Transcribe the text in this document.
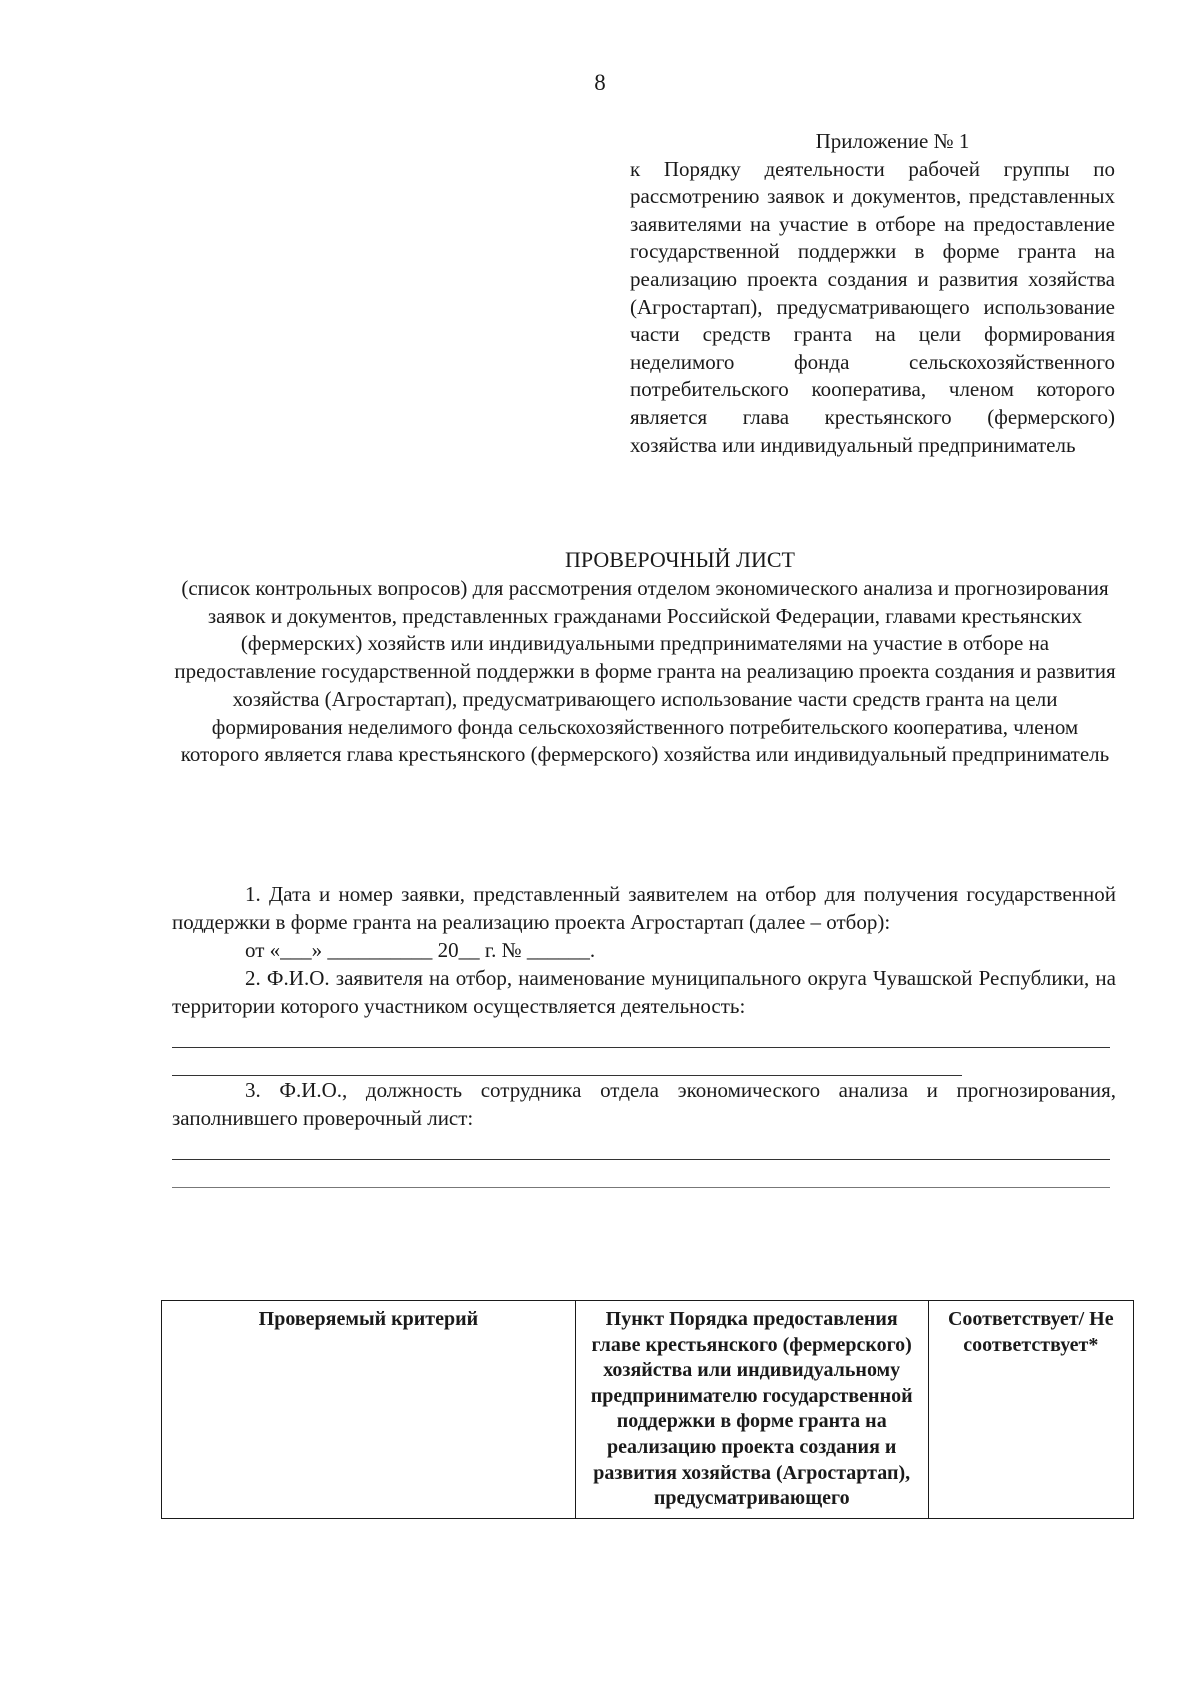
8
Приложение № 1
к Порядку деятельности рабочей группы по рассмотрению заявок и документов, представленных заявителями на участие в отборе на предоставление государственной поддержки в форме гранта на реализацию проекта создания и развития хозяйства (Агростартап), предусматривающего использование части средств гранта на цели формирования неделимого фонда сельскохозяйственного потребительского кооператива, членом которого является глава крестьянского (фермерского) хозяйства или индивидуальный предприниматель
ПРОВЕРОЧНЫЙ ЛИСТ
(список контрольных вопросов) для рассмотрения отделом экономического анализа и прогнозирования заявок и документов, представленных гражданами Российской Федерации, главами крестьянских (фермерских) хозяйств или индивидуальными предпринимателями на участие в отборе на предоставление государственной поддержки в форме гранта на реализацию проекта создания и развития хозяйства (Агростартап), предусматривающего использование части средств гранта на цели формирования неделимого фонда сельскохозяйственного потребительского кооператива, членом которого является глава крестьянского (фермерского) хозяйства или индивидуальный предприниматель

1. Дата и номер заявки, представленный заявителем на отбор для получения государственной поддержки в форме гранта на реализацию проекта Агростартап (далее – отбор):

от «___» __________ 20__ г. № ______.

2. Ф.И.О. заявителя на отбор, наименование муниципального округа Чувашской Республики, на территории которого участником осуществляется деятельность:

3. Ф.И.О., должность сотрудника отдела экономического анализа и прогнозирования, заполнившего проверочный лист:

Проверяемый критерий	Пункт Порядка предоставления главе крестьянского (фермерского) хозяйства или индивидуальному предпринимателю государственной поддержки в форме гранта на реализацию проекта создания и развития хозяйства (Агростартап), предусматривающего	Соответствует/ Не соответствует*
